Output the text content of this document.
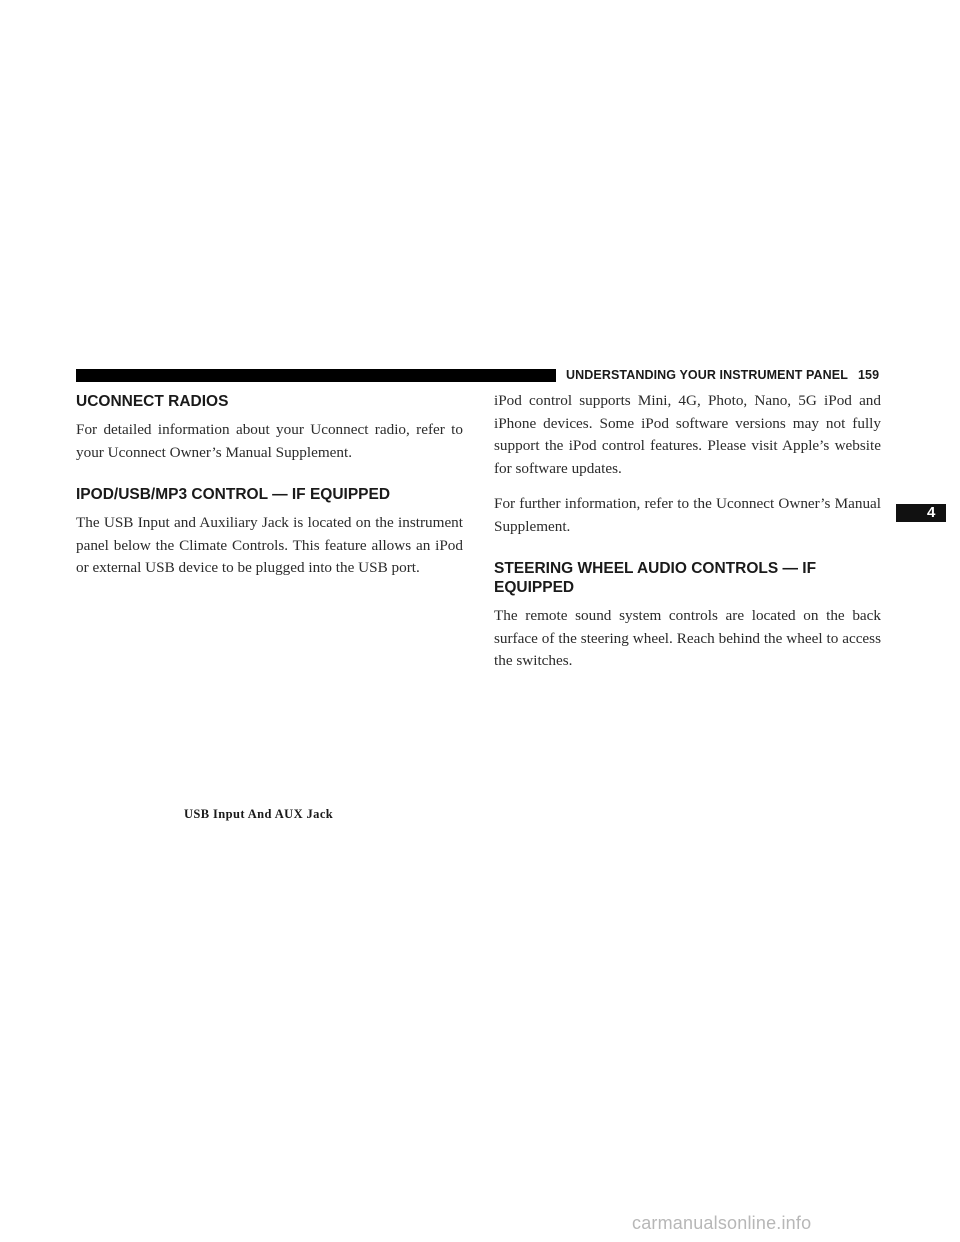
UNDERSTANDING YOUR INSTRUMENT PANEL 159
UCONNECT RADIOS

For detailed information about your Uconnect radio, refer to your Uconnect Owner’s Manual Supplement.

IPOD/USB/MP3 CONTROL — IF EQUIPPED

The USB Input and Auxiliary Jack is located on the instrument panel below the Climate Controls. This feature allows an iPod or external USB device to be plugged into the USB port.

USB Input And AUX Jack

iPod control supports Mini, 4G, Photo, Nano, 5G iPod and iPhone devices. Some iPod software versions may not fully support the iPod control features. Please visit Apple’s website for software updates.

For further information, refer to the Uconnect Owner’s Manual Supplement.

STEERING WHEEL AUDIO CONTROLS — IF EQUIPPED

The remote sound system controls are located on the back surface of the steering wheel. Reach behind the wheel to access the switches.

4
carmanualsonline.info
